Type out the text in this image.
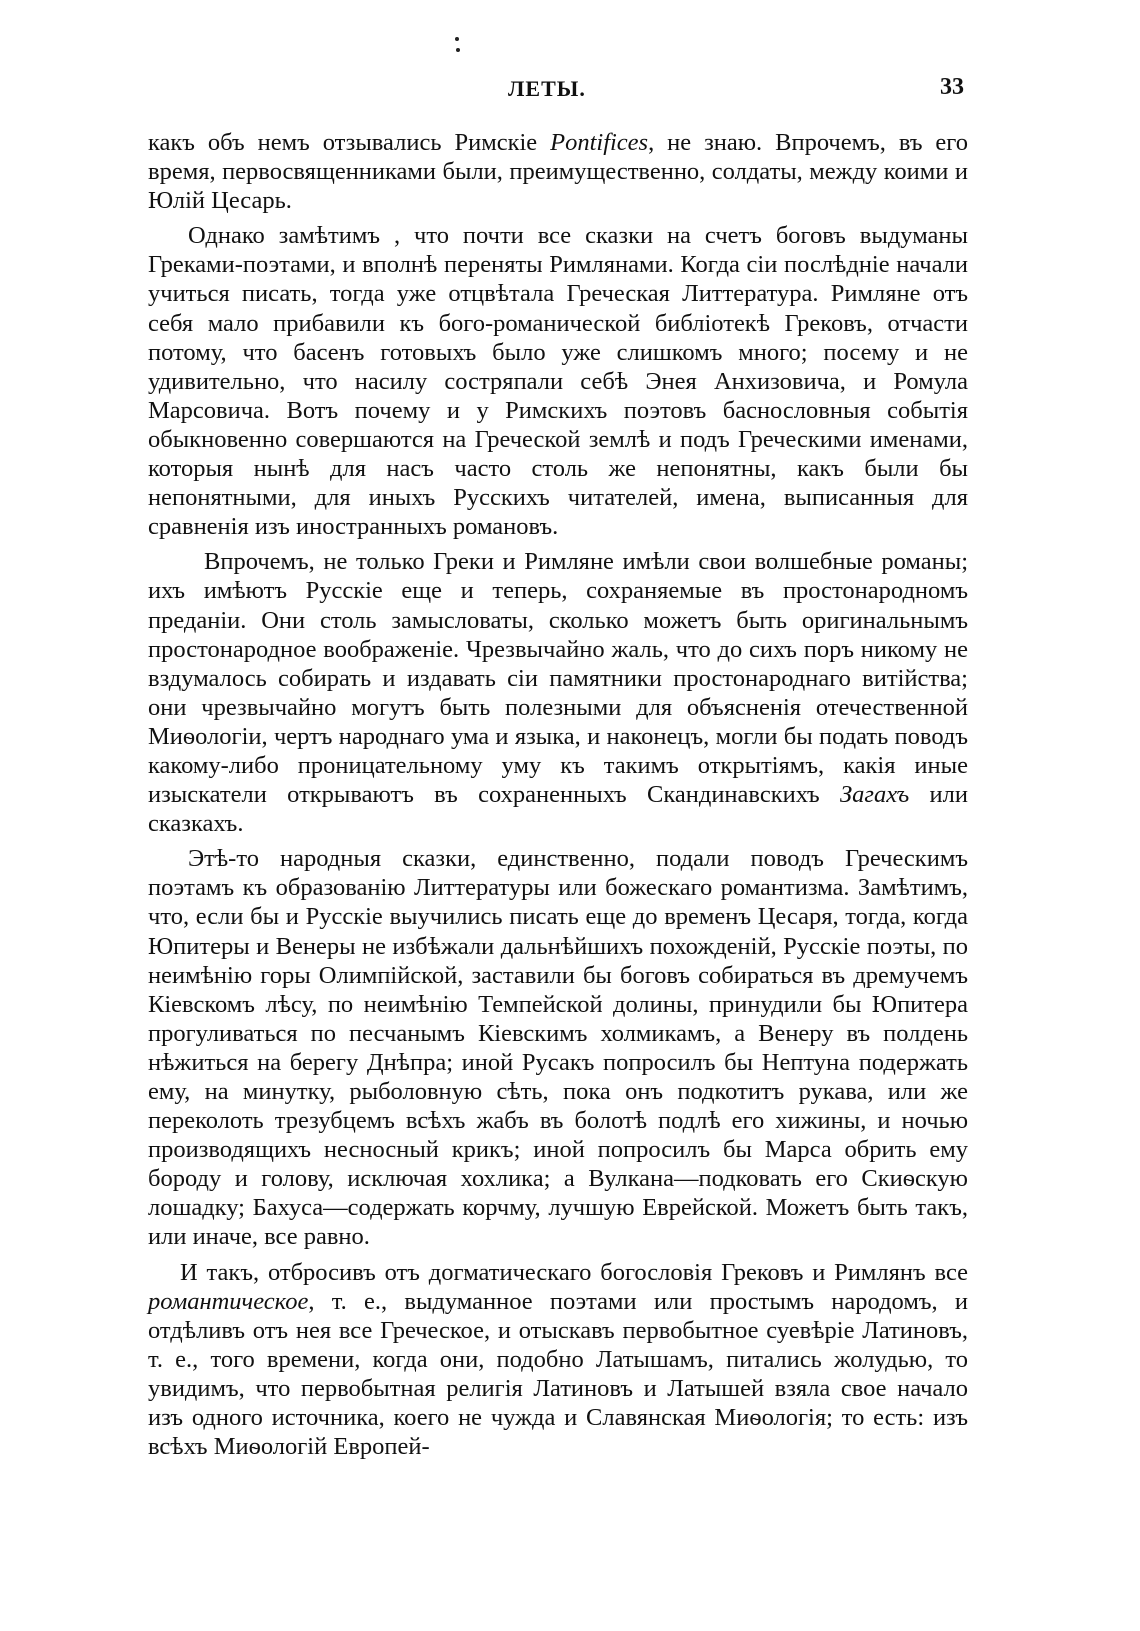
ЛЕТЫ.	33

какъ объ немъ отзывались Римскіе Pontifices, не знаю. Впрочемъ, въ его время, первосвященниками были, преимущественно, солдаты, между коими и Юлій Цесарь.

Однако замѣтимъ , что почти все сказки на счетъ боговъ выдуманы Греками-поэтами, и вполнѣ переняты Римлянами. Когда сіи послѣдніе начали учиться писать, тогда уже отцвѣтала Греческая Литтература. Римляне отъ себя мало прибавили къ бого-романической библіотекѣ Грековъ, отчасти потому, что басенъ готовыхъ было уже слишкомъ много; посему и не удивительно, что насилу состряпали себѣ Энея Анхизовича, и Ромула Марсовича. Вотъ почему и у Римскихъ поэтовъ баснословныя событія обыкновенно совершаются на Греческой землѣ и подъ Греческими именами, которыя нынѣ для насъ часто столь же непонятны, какъ были бы непонятными, для иныхъ Русскихъ читателей, имена, выписанныя для сравненія изъ иностранныхъ романовъ.

Впрочемъ, не только Греки и Римляне имѣли свои волшебные романы; ихъ имѣютъ Русскіе еще и теперь, сохраняемые въ простонародномъ преданіи. Они столь замысловаты, сколько можетъ быть оригинальнымъ простонародное воображеніе. Чрезвычайно жаль, что до сихъ поръ никому не вздумалось собирать и издавать сіи памятники простонароднаго витійства; они чрезвычайно могутъ быть полезными для объясненія отечественной Миѳологіи, чертъ народнаго ума и языка, и наконецъ, могли бы подать поводъ какому-либо проницательному уму къ такимъ открытіямъ, какія иные изыскатели открываютъ въ сохраненныхъ Скандинавскихъ Загахъ или сказкахъ.

Этѣ-то народныя сказки, единственно, подали поводъ Греческимъ поэтамъ къ образованію Литтературы или божескаго романтизма. Замѣтимъ, что, если бы и Русскіе выучились писать еще до временъ Цесаря, тогда, когда Юпитеры и Венеры не избѣжали дальнѣйшихъ похожденій, Русскіе поэты, по неимѣнію горы Олимпійской, заставили бы боговъ собираться въ дремучемъ Кіевскомъ лѣсу, по неимѣнію Темпейской долины, принудили бы Юпитера прогуливаться по песчанымъ Кіевскимъ холмикамъ, а Венеру въ полдень нѣжиться на берегу Днѣпра; иной Русакъ попросилъ бы Нептуна подержать ему, на минутку, рыболовную сѣть, пока онъ подкотитъ рукава, или же переколоть трезубцемъ всѣхъ жабъ въ болотѣ подлѣ его хижины, и ночью производящихъ несносный крикъ; иной попросилъ бы Марса обрить ему бороду и голову, исключая хохлика; а Вулкана—подковать его Скиѳскую лошадку; Бахуса—содержать корчму, лучшую Еврейской. Можетъ быть такъ, или иначе, все равно.

И такъ, отбросивъ отъ догматическаго богословія Грековъ и Римлянъ все романтическое, т. е., выдуманное поэтами или простымъ народомъ, и отдѣливъ отъ нея все Греческое, и отыскавъ первобытное суевѣріе Латиновъ, т. е., того времени, когда они, подобно Латышамъ, питались жолудью, то увидимъ, что первобытная религія Латиновъ и Латышей взяла свое начало изъ одного источника, коего не чужда и Славянская Миѳологія; то есть: изъ всѣхъ Миѳологій Европей-
